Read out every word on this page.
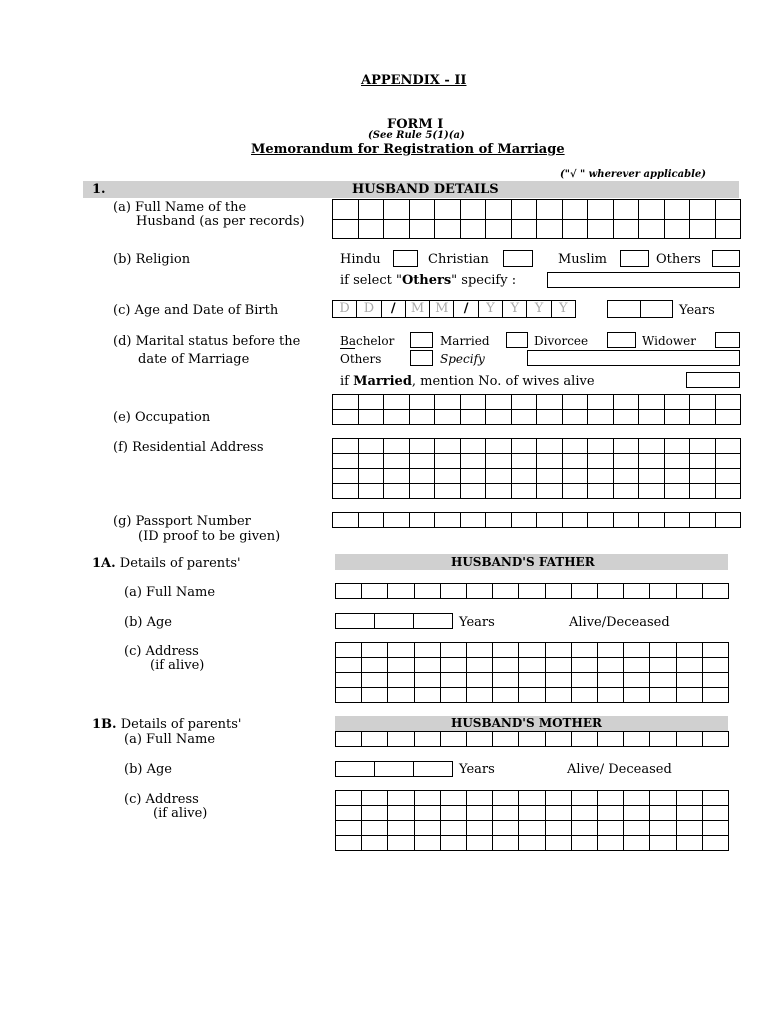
APPENDIX - II
FORM I
(See Rule 5(1)(a)
Memorandum for Registration of Marriage
("√ " wherever applicable)
1.	HUSBAND DETAILS
(a) Full Name of the
Husband (as per records)
(b) Religion	Hindu	Christian	Muslim	Others
if select "Others" specify :
(c) Age and Date of Birth	D	D	/	M M	/	Y	Y	Y	Y	Years
(d) Marital status before the
date of Marriage
Bachelor	Married	Divorcee	Widower
Others	Specify
if Married, mention No. of wives alive
(e) Occupation
(f) Residential Address
(g) Passport Number
(ID proof to be given)
1A. Details of parents'	HUSBAND'S FATHER
(a) Full Name
(b) Age	Years	Alive/Deceased
(c) Address
(if alive)
1B. Details of parents'	HUSBAND'S MOTHER
(a) Full Name
(b) Age	Years	Alive/ Deceased
(c) Address
(if alive)
